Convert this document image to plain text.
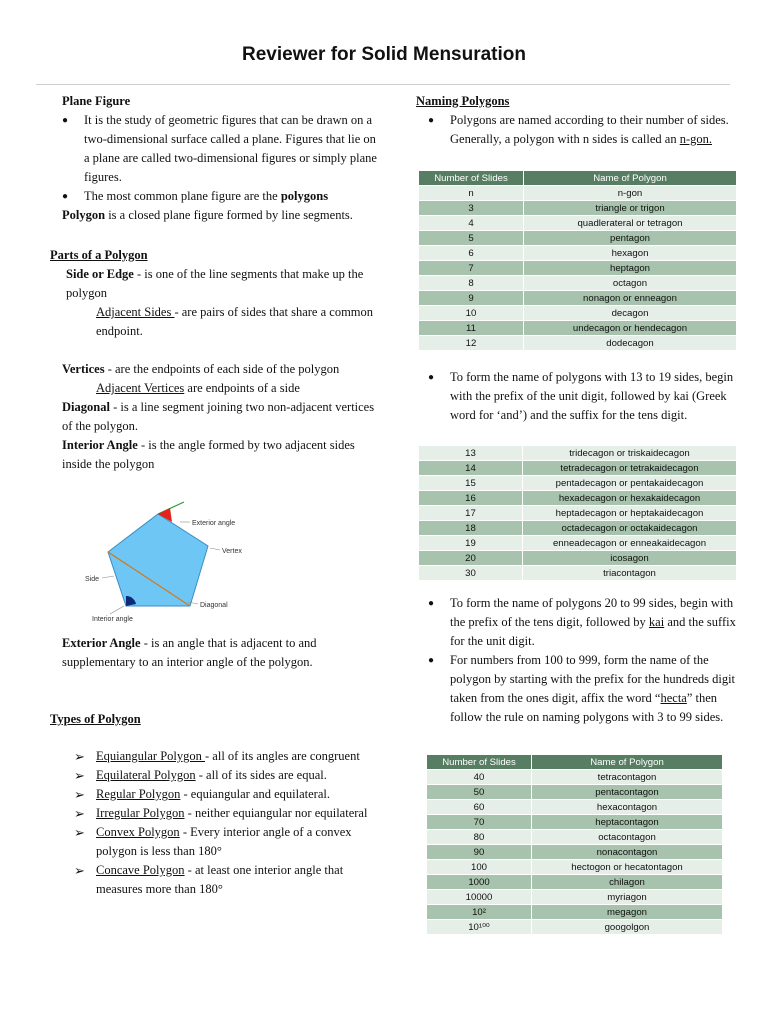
Reviewer for Solid Mensuration

Plane Figure

● It is the study of geometric figures that can be drawn on a two-dimensional surface called a plane. Figures that lie on a plane are called two-dimensional figures or simply plane figures.
● The most common plane figure are the polygons

Polygon is a closed plane figure formed by line segments.

Parts of a Polygon

Side or Edge - is one of the line segments that make up the polygon

Adjacent Sides - are pairs of sides that share a common endpoint.

Vertices - are the endpoints of each side of the polygon

Adjacent Vertices are endpoints of a side

Diagonal - is a line segment joining two non-adjacent vertices of the polygon.

Interior Angle - is the angle formed by two adjacent sides inside the polygon

Exterior angle
Vertex
Side
Diagonal
Interior angle

Exterior Angle - is an angle that is adjacent to and supplementary to an interior angle of the polygon.

Types of Polygon

➢ Equiangular Polygon - all of its angles are congruent
➢ Equilateral Polygon - all of its sides are equal.
➢ Regular Polygon - equiangular and equilateral.
➢ Irregular Polygon - neither equiangular nor equilateral
➢ Convex Polygon - Every interior angle of a convex polygon is less than 180°
➢ Concave Polygon - at least one interior angle that measures more than 180°

Naming Polygons

● Polygons are named according to their number of sides. Generally, a polygon with n sides is called an n-gon.
Number of Slides	Name of Polygon
n	n-gon
3	triangle or trigon
4	quadlerateral or tetragon
5	pentagon
6	hexagon
7	heptagon
8	octagon
9	nonagon or enneagon
10	decagon
11	undecagon or hendecagon
12	dodecagon
● To form the name of polygons with 13 to 19 sides, begin with the prefix of the unit digit, followed by kai (Greek word for ‘and’) and the suffix for the tens digit.
13	tridecagon or triskaidecagon
14	tetradecagon or tetrakaidecagon
15	pentadecagon or pentakaidecagon
16	hexadecagon or hexakaidecagon
17	heptadecagon or heptakaidecagon
18	octadecagon or octakaidecagon
19	enneadecagon or enneakaidecagon
20	icosagon
30	triacontagon
● To form the name of polygons 20 to 99 sides, begin with the prefix of the tens digit, followed by kai and the suffix for the unit digit.
● For numbers from 100 to 999, form the name of the polygon by starting with the prefix for the hundreds digit taken from the ones digit, affix the word “hecta” then follow the rule on naming polygons with 3 to 99 sides.
Number of Slides	Name of Polygon
40	tetracontagon
50	pentacontagon
60	hexacontagon
70	heptacontagon
80	octacontagon
90	nonacontagon
100	hectogon or hecatontagon
1000	chilagon
10000	myriagon
10²	megagon
10¹⁰⁰	googolgon
